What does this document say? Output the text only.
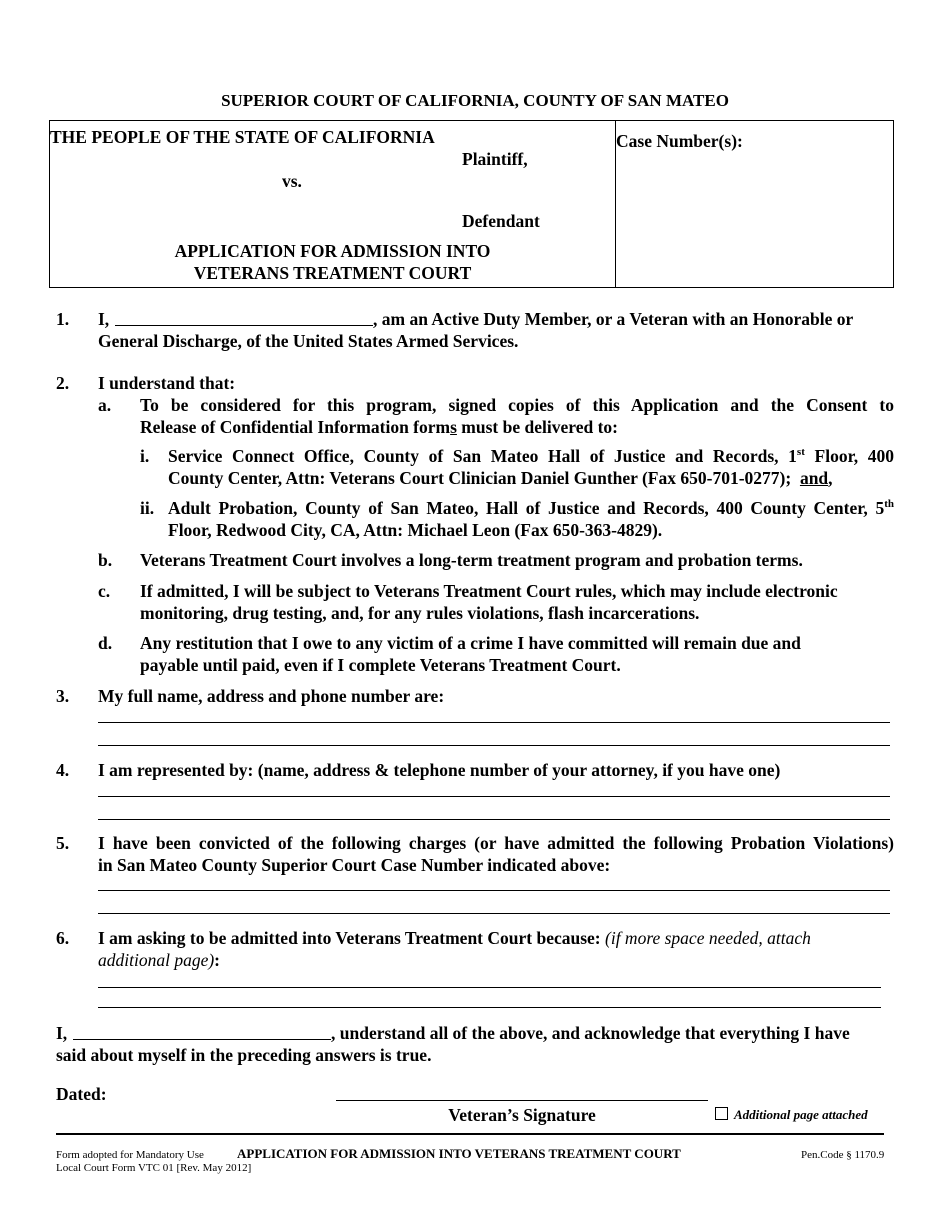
SUPERIOR COURT OF CALIFORNIA, COUNTY OF SAN MATEO
THE PEOPLE OF THE STATE OF CALIFORNIA
Plaintiff,
vs.
Defendant
APPLICATION FOR ADMISSION INTO
VETERANS TREATMENT COURT
Case Number(s):
1. I,	, am an Active Duty Member, or a Veteran with an Honorable or
General Discharge, of the United States Armed Services.
2. I understand that:
a. To be considered for this program, signed copies of this Application and the Consent to
Release of Confidential Information forms must be delivered to:
i. Service Connect Office, County of San Mateo Hall of Justice and Records, 1st Floor, 400
County Center, Attn: Veterans Court Clinician Daniel Gunther (Fax 650-701-0277);  and,
ii. Adult Probation, County of San Mateo, Hall of Justice and Records, 400 County Center, 5th
Floor, Redwood City, CA, Attn: Michael Leon (Fax 650-363-4829).
b. Veterans Treatment Court involves a long-term treatment program and probation terms.
c. If admitted, I will be subject to Veterans Treatment Court rules, which may include electronic
monitoring, drug testing, and, for any rules violations, flash incarcerations.
d. Any restitution that I owe to any victim of a crime I have committed will remain due and
payable until paid, even if I complete Veterans Treatment Court.
3. My full name, address and phone number are:
4. I am represented by: (name, address & telephone number of your attorney, if you have one)
5. I have been convicted of the following charges (or have admitted the following Probation Violations)
in San Mateo County Superior Court Case Number indicated above:
6. I am asking to be admitted into Veterans Treatment Court because: (if more space needed, attach
additional page):
I,	, understand all of the above, and acknowledge that everything I have
said about myself in the preceding answers is true.
Dated:
Veteran’s Signature	Additional page attached
Form adopted for Mandatory Use
Local Court Form VTC 01 [Rev. May 2012]
APPLICATION FOR ADMISSION INTO VETERANS TREATMENT COURT	Pen.Code § 1170.9
